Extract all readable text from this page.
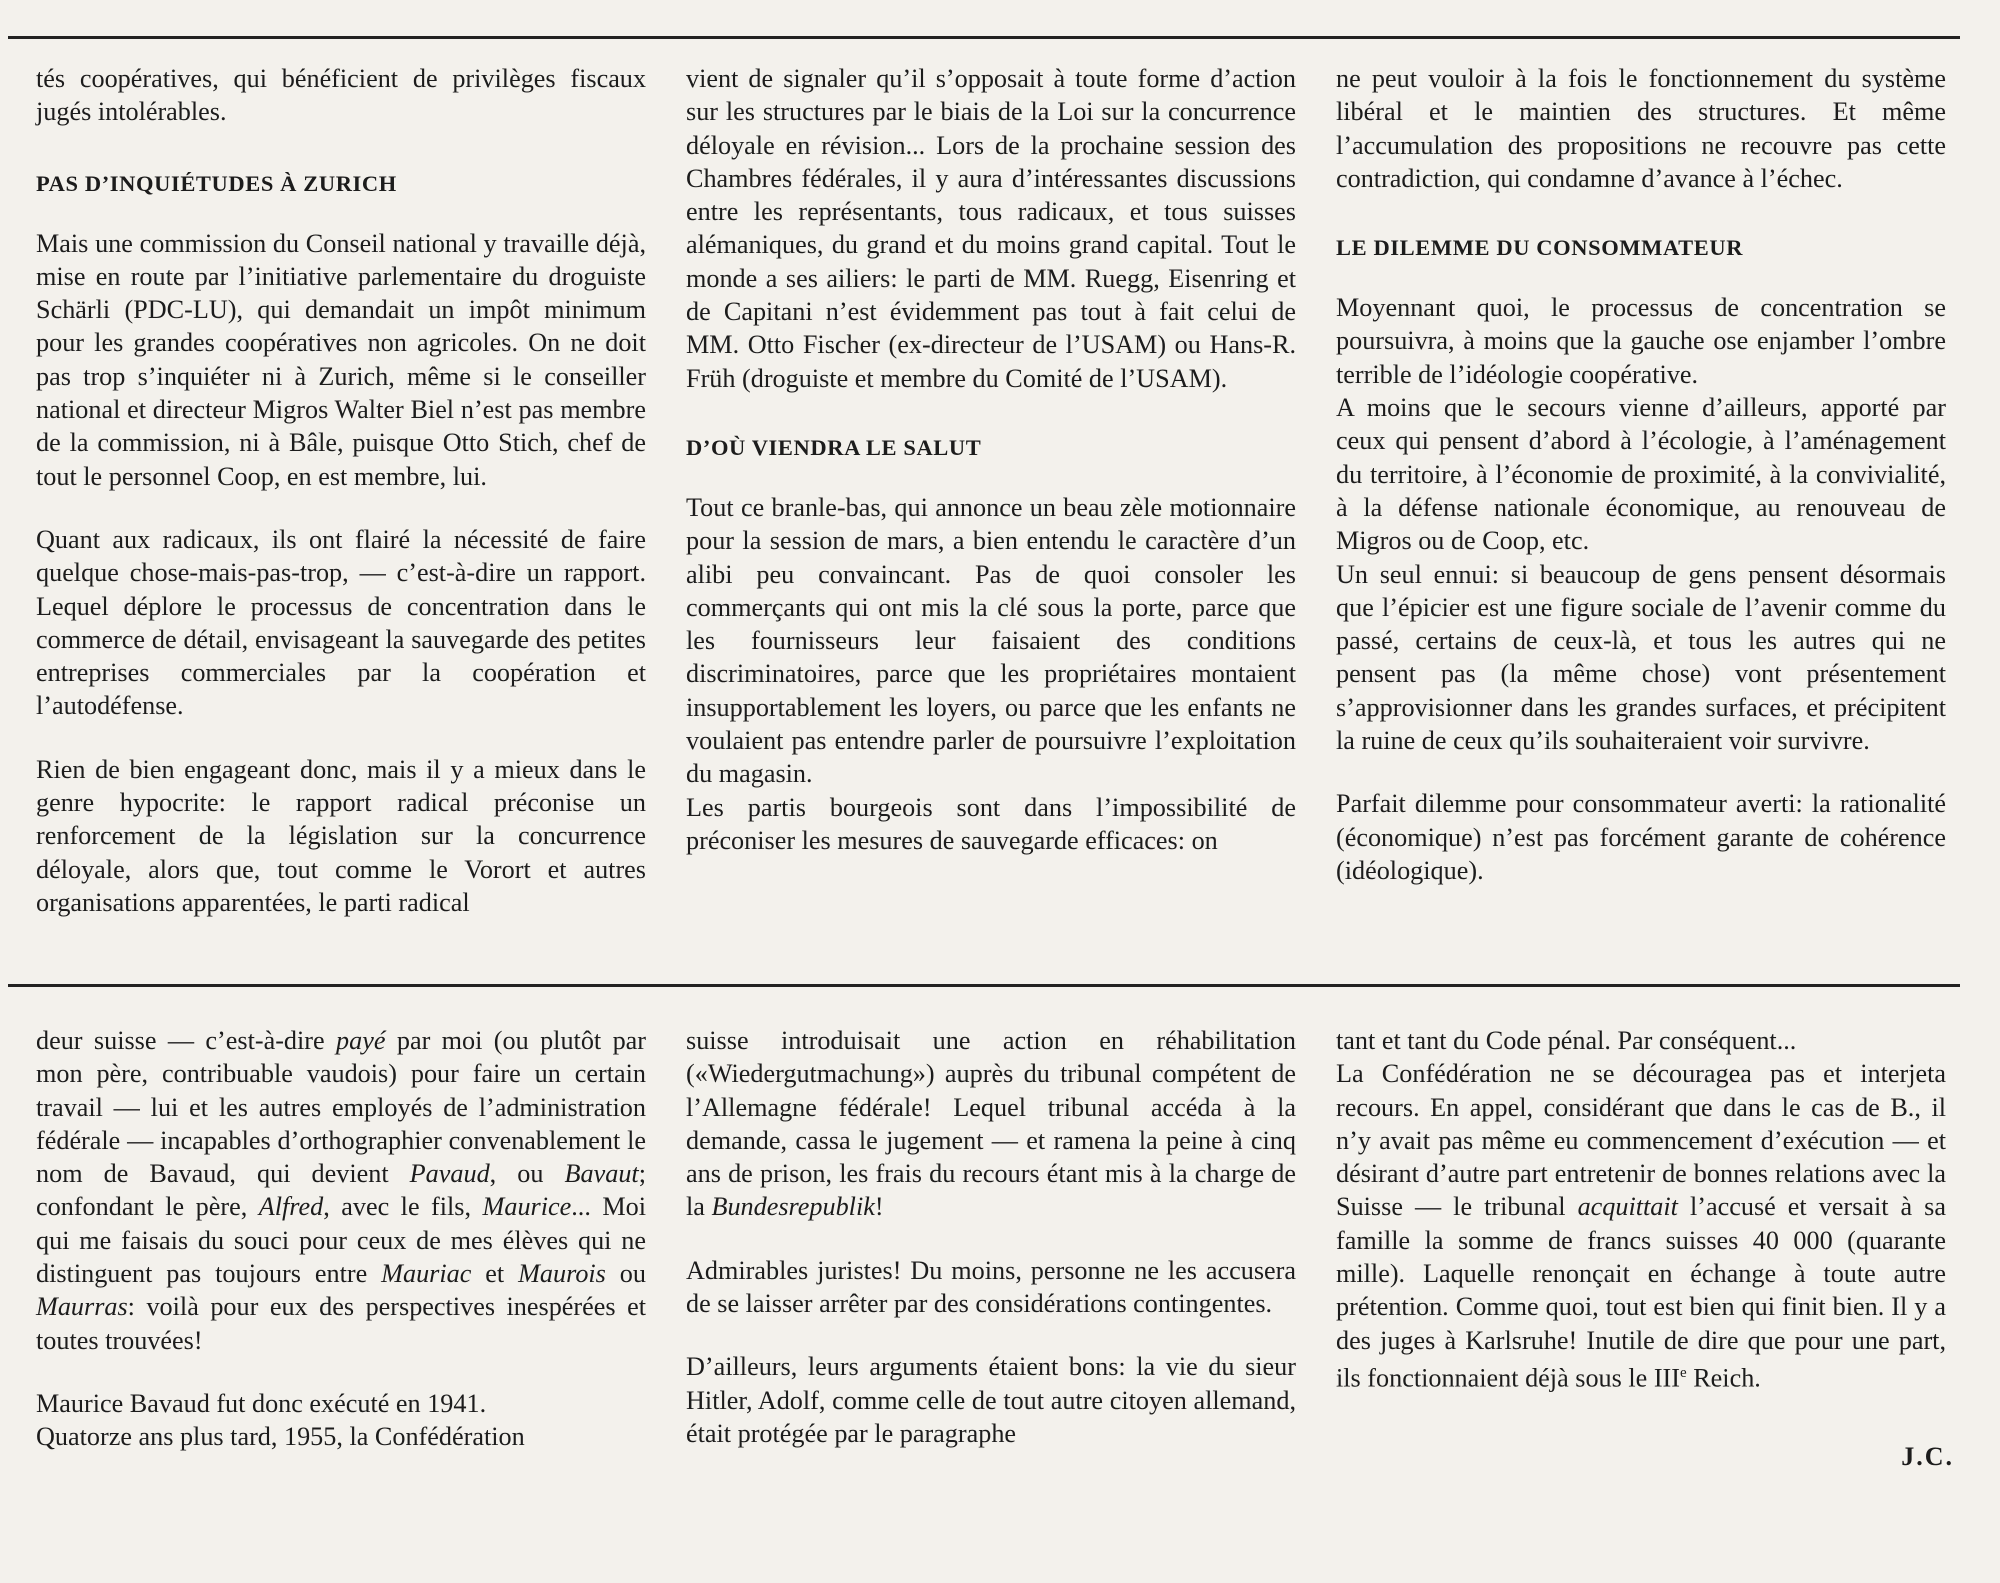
tés coopératives, qui bénéficient de privilèges fiscaux jugés intolérables.

PAS D’INQUIÉTUDES À ZURICH

Mais une commission du Conseil national y travaille déjà, mise en route par l’initiative parlementaire du droguiste Schärli (PDC-LU), qui demandait un impôt minimum pour les grandes coopératives non agricoles. On ne doit pas trop s’inquiéter ni à Zurich, même si le conseiller national et directeur Migros Walter Biel n’est pas membre de la commission, ni à Bâle, puisque Otto Stich, chef de tout le personnel Coop, en est membre, lui.

Quant aux radicaux, ils ont flairé la nécessité de faire quelque chose-mais-pas-trop, — c’est-à-dire un rapport. Lequel déplore le processus de concentration dans le commerce de détail, envisageant la sauvegarde des petites entreprises commerciales par la coopération et l’autodéfense.

Rien de bien engageant donc, mais il y a mieux dans le genre hypocrite: le rapport radical préconise un renforcement de la législation sur la concurrence déloyale, alors que, tout comme le Vorort et autres organisations apparentées, le parti radical

vient de signaler qu’il s’opposait à toute forme d’action sur les structures par le biais de la Loi sur la concurrence déloyale en révision... Lors de la prochaine session des Chambres fédérales, il y aura d’intéressantes discussions entre les représentants, tous radicaux, et tous suisses alémaniques, du grand et du moins grand capital. Tout le monde a ses ailiers: le parti de MM. Ruegg, Eisenring et de Capitani n’est évidemment pas tout à fait celui de MM. Otto Fischer (ex-directeur de l’USAM) ou Hans-R. Früh (droguiste et membre du Comité de l’USAM).

D’OÙ VIENDRA LE SALUT

Tout ce branle-bas, qui annonce un beau zèle motionnaire pour la session de mars, a bien entendu le caractère d’un alibi peu convaincant. Pas de quoi consoler les commerçants qui ont mis la clé sous la porte, parce que les fournisseurs leur faisaient des conditions discriminatoires, parce que les propriétaires montaient insupportablement les loyers, ou parce que les enfants ne voulaient pas entendre parler de poursuivre l’exploitation du magasin.

Les partis bourgeois sont dans l’impossibilité de préconiser les mesures de sauvegarde efficaces: on

ne peut vouloir à la fois le fonctionnement du système libéral et le maintien des structures. Et même l’accumulation des propositions ne recouvre pas cette contradiction, qui condamne d’avance à l’échec.

LE DILEMME DU CONSOMMATEUR

Moyennant quoi, le processus de concentration se poursuivra, à moins que la gauche ose enjamber l’ombre terrible de l’idéologie coopérative.

A moins que le secours vienne d’ailleurs, apporté par ceux qui pensent d’abord à l’écologie, à l’aménagement du territoire, à l’économie de proximité, à la convivialité, à la défense nationale économique, au renouveau de Migros ou de Coop, etc.

Un seul ennui: si beaucoup de gens pensent désormais que l’épicier est une figure sociale de l’avenir comme du passé, certains de ceux-là, et tous les autres qui ne pensent pas (la même chose) vont présentement s’approvisionner dans les grandes surfaces, et précipitent la ruine de ceux qu’ils souhaiteraient voir survivre.

Parfait dilemme pour consommateur averti: la rationalité (économique) n’est pas forcément garante de cohérence (idéologique).

deur suisse — c’est-à-dire payé par moi (ou plutôt par mon père, contribuable vaudois) pour faire un certain travail — lui et les autres employés de l’administration fédérale — incapables d’orthographier convenablement le nom de Bavaud, qui devient Pavaud, ou Bavaut; confondant le père, Alfred, avec le fils, Maurice... Moi qui me faisais du souci pour ceux de mes élèves qui ne distinguent pas toujours entre Mauriac et Maurois ou Maurras: voilà pour eux des perspectives inespérées et toutes trouvées!

Maurice Bavaud fut donc exécuté en 1941.

Quatorze ans plus tard, 1955, la Confédération

suisse introduisait une action en réhabilitation («Wiedergutmachung») auprès du tribunal compétent de l’Allemagne fédérale! Lequel tribunal accéda à la demande, cassa le jugement — et ramena la peine à cinq ans de prison, les frais du recours étant mis à la charge de la Bundesrepublik!

Admirables juristes! Du moins, personne ne les accusera de se laisser arrêter par des considérations contingentes.

D’ailleurs, leurs arguments étaient bons: la vie du sieur Hitler, Adolf, comme celle de tout autre citoyen allemand, était protégée par le paragraphe

tant et tant du Code pénal. Par conséquent...

La Confédération ne se découragea pas et interjeta recours. En appel, considérant que dans le cas de B., il n’y avait pas même eu commencement d’exécution — et désirant d’autre part entretenir de bonnes relations avec la Suisse — le tribunal acquittait l’accusé et versait à sa famille la somme de francs suisses 40 000 (quarante mille). Laquelle renonçait en échange à toute autre prétention. Comme quoi, tout est bien qui finit bien. Il y a des juges à Karlsruhe! Inutile de dire que pour une part, ils fonctionnaient déjà sous le IIIe Reich.

J.C.
